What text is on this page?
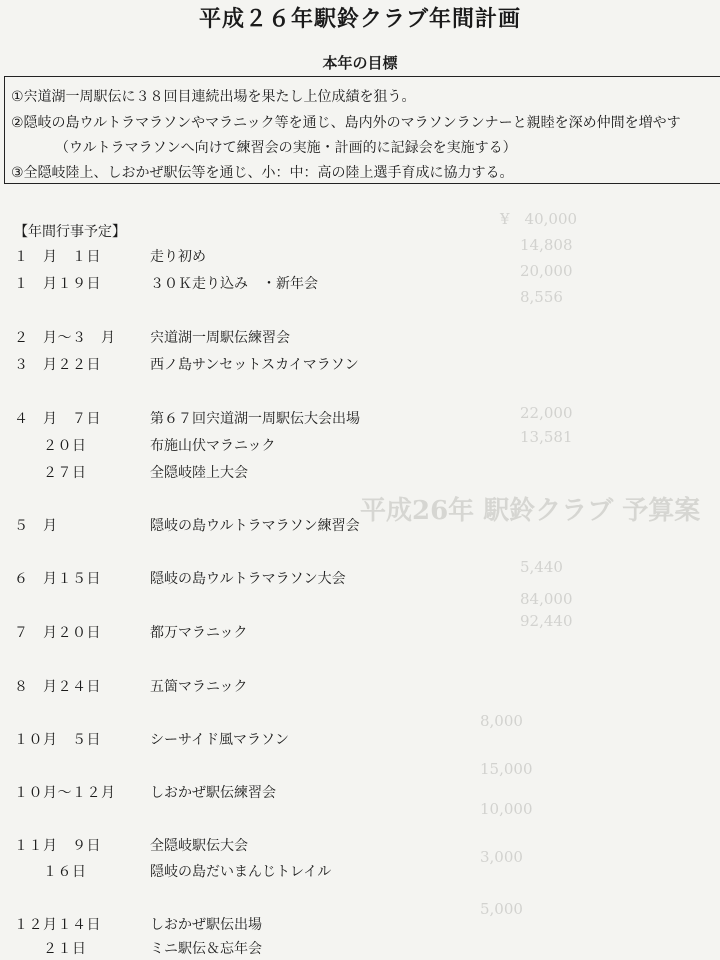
¥　40,000
14,808
20,000
8,556
22,000
13,581
平成26年 駅鈴クラブ 予算案
5,440
84,000
92,440
8,000
15,000
10,000
3,000
5,000
平成２６年駅鈴クラブ年間計画
本年の目標
①宍道湖一周駅伝に３８回目連続出場を果たし上位成績を狙う。
②隠岐の島ウルトラマラソンやマラニック等を通じ、島内外のマラソンランナーと親睦を深め仲間を増やす
（ウルトラマラソンへ向けて練習会の実施・計画的に記録会を実施する）
③全隠岐陸上、しおかぜ駅伝等を通じ、小：中：高の陸上選手育成に協力する。
【年間行事予定】
１　月　１日	走り初め
１　月１９日	３０Ｋ走り込み　・新年会
２　月～３　月 宍道湖一周駅伝練習会
３　月２２日	西ノ島サンセットスカイマラソン
４　月　７日	第６７回宍道湖一周駅伝大会出場
　　２０日	布施山伏マラニック
　　２７日	全隠岐陸上大会
５　月	隠岐の島ウルトラマラソン練習会
６　月１５日	隠岐の島ウルトラマラソン大会
７　月２０日	都万マラニック
８　月２４日	五箇マラニック
１０月　５日	シーサイド風マラソン
１０月～１２月 しおかぜ駅伝練習会
１１月　９日	全隠岐駅伝大会
　　１６日	隠岐の島だいまんじトレイル
１２月１４日	しおかぜ駅伝出場
　　２１日	ミニ駅伝＆忘年会
